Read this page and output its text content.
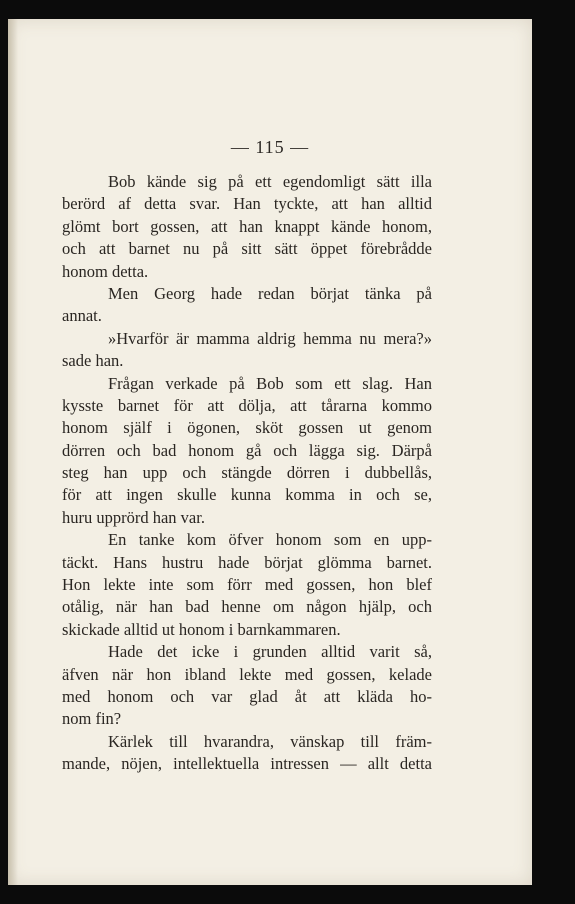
— 115 —
Bob kände sig på ett egendomligt sätt illa
berörd af detta svar. Han tyckte, att han alltid
glömt bort gossen, att han knappt kände honom,
och att barnet nu på sitt sätt öppet förebrådde
honom detta.
Men Georg hade redan börjat tänka på
annat.
»Hvarför är mamma aldrig hemma nu mera?»
sade han.
Frågan verkade på Bob som ett slag. Han
kysste barnet för att dölja, att tårarna kommo
honom själf i ögonen, sköt gossen ut genom
dörren och bad honom gå och lägga sig. Därpå
steg han upp och stängde dörren i dubbellås,
för att ingen skulle kunna komma in och se,
huru upprörd han var.
En tanke kom öfver honom som en upp-
täckt. Hans hustru hade börjat glömma barnet.
Hon lekte inte som förr med gossen, hon blef
otålig, när han bad henne om någon hjälp, och
skickade alltid ut honom i barnkammaren.
Hade det icke i grunden alltid varit så,
äfven när hon ibland lekte med gossen, kelade
med honom och var glad åt att kläda ho-
nom fin?
Kärlek till hvarandra, vänskap till främ-
mande, nöjen, intellektuella intressen — allt detta
